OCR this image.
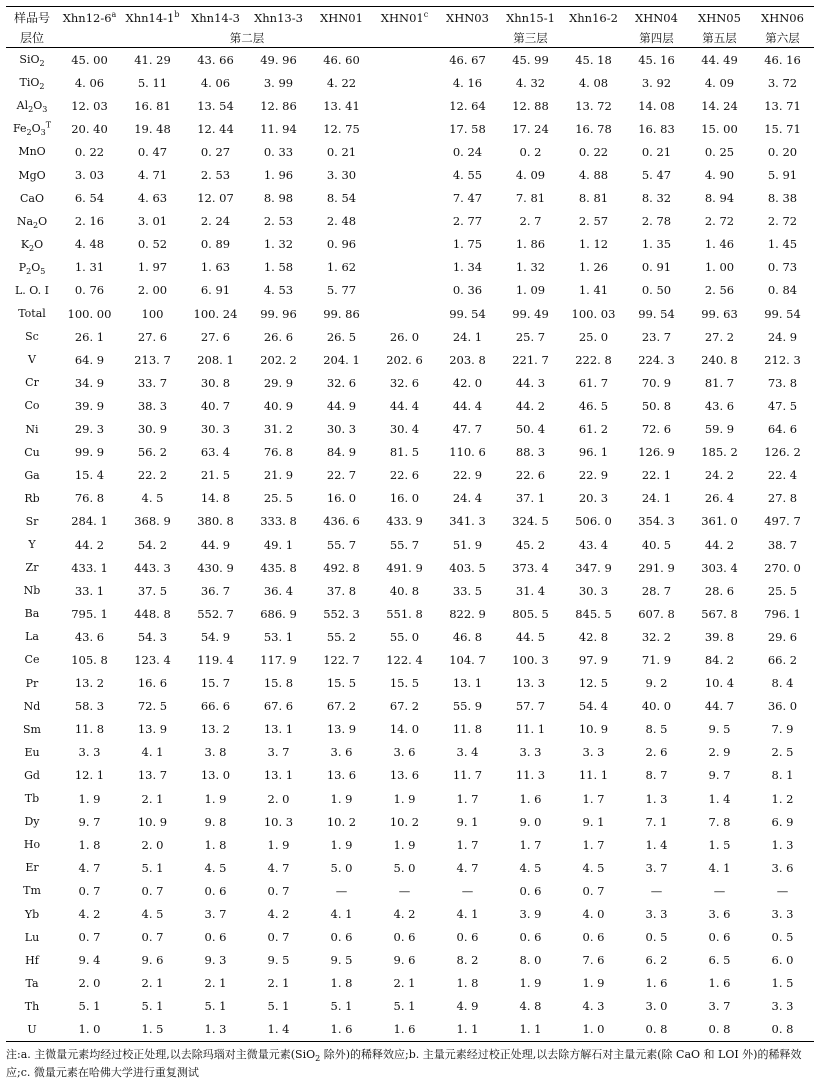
样品号	Xhn12-6$^a$	Xhn14-1$^b$	Xhn14-3	Xhn13-3	XHN01	XHN01$^c$	XHN03	Xhn15-1	Xhn16-2	XHN04	XHN05	XHN06
层位	第二层						第三层			第四层	第五层	第六层
SiO$_2$	45. 00	41. 29	43. 66	49. 96	46. 60		46. 67	45. 99	45. 18	45. 16	44. 49	46. 16
TiO$_2$	4. 06	5. 11	4. 06	3. 99	4. 22		4. 16	4. 32	4. 08	3. 92	4. 09	3. 72
$Al_2O_3$	12. 03	16. 81	13. 54	12. 86	13. 41		12. 64	12. 88	13. 72	14. 08	14. 24	13. 71
$Fe_2O_3^T$	20. 40	19. 48	12. 44	11. 94	12. 75		17. 58	17. 24	16. 78	16. 83	15. 00	15. 71
MnO	0. 22	0. 47	0. 27	0. 33	0. 21		0. 24	0. 2	0. 22	0. 21	0. 25	0. 20
MgO	3. 03	4. 71	2. 53	1. 96	3. 30		4. 55	4. 09	4. 88	5. 47	4. 90	5. 91
CaO	6. 54	4. 63	12. 07	8. 98	8. 54		7. 47	7. 81	8. 81	8. 32	8. 94	8. 38
$Na_2O$	2. 16	3. 01	2. 24	2. 53	2. 48		2. 77	2. 7	2. 57	2. 78	2. 72	2. 72
$K_2O$	4. 48	0. 52	0. 89	1. 32	0. 96		1. 75	1. 86	1. 12	1. 35	1. 46	1. 45
$P_2O_5$	1. 31	1. 97	1. 63	1. 58	1. 62		1. 34	1. 32	1. 26	0. 91	1. 00	0. 73
L. O. I	0. 76	2. 00	6. 91	4. 53	5. 77		0. 36	1. 09	1. 41	0. 50	2. 56	0. 84
Total	100. 00	100	100. 24	99. 96	99. 86		99. 54	99. 49	100. 03	99. 54	99. 63	99. 54
Sc	26. 1	27. 6	27. 6	26. 6	26. 5	26. 0	24. 1	25. 7	25. 0	23. 7	27. 2	24. 9
V	64. 9	213. 7	208. 1	202. 2	204. 1	202. 6	203. 8	221. 7	222. 8	224. 3	240. 8	212. 3
Cr	34. 9	33. 7	30. 8	29. 9	32. 6	32. 6	42. 0	44. 3	61. 7	70. 9	81. 7	73. 8
Co	39. 9	38. 3	40. 7	40. 9	44. 9	44. 4	44. 4	44. 2	46. 5	50. 8	43. 6	47. 5
Ni	29. 3	30. 9	30. 3	31. 2	30. 3	30. 4	47. 7	50. 4	61. 2	72. 6	59. 9	64. 6
Cu	99. 9	56. 2	63. 4	76. 8	84. 9	81. 5	110. 6	88. 3	96. 1	126. 9	185. 2	126. 2
Ga	15. 4	22. 2	21. 5	21. 9	22. 7	22. 6	22. 9	22. 6	22. 9	22. 1	24. 2	22. 4
Rb	76. 8	4. 5	14. 8	25. 5	16. 0	16. 0	24. 4	37. 1	20. 3	24. 1	26. 4	27. 8
Sr	284. 1	368. 9	380. 8	333. 8	436. 6	433. 9	341. 3	324. 5	506. 0	354. 3	361. 0	497. 7
Y	44. 2	54. 2	44. 9	49. 1	55. 7	55. 7	51. 9	45. 2	43. 4	40. 5	44. 2	38. 7
Zr	433. 1	443. 3	430. 9	435. 8	492. 8	491. 9	403. 5	373. 4	347. 9	291. 9	303. 4	270. 0
Nb	33. 1	37. 5	36. 7	36. 4	37. 8	40. 8	33. 5	31. 4	30. 3	28. 7	28. 6	25. 5
Ba	795. 1	448. 8	552. 7	686. 9	552. 3	551. 8	822. 9	805. 5	845. 5	607. 8	567. 8	796. 1
La	43. 6	54. 3	54. 9	53. 1	55. 2	55. 0	46. 8	44. 5	42. 8	32. 2	39. 8	29. 6
Ce	105. 8	123. 4	119. 4	117. 9	122. 7	122. 4	104. 7	100. 3	97. 9	71. 9	84. 2	66. 2
Pr	13. 2	16. 6	15. 7	15. 8	15. 5	15. 5	13. 1	13. 3	12. 5	9. 2	10. 4	8. 4
Nd	58. 3	72. 5	66. 6	67. 6	67. 2	67. 2	55. 9	57. 7	54. 4	40. 0	44. 7	36. 0
Sm	11. 8	13. 9	13. 2	13. 1	13. 9	14. 0	11. 8	11. 1	10. 9	8. 5	9. 5	7. 9
Eu	3. 3	4. 1	3. 8	3. 7	3. 6	3. 6	3. 4	3. 3	3. 3	2. 6	2. 9	2. 5
Gd	12. 1	13. 7	13. 0	13. 1	13. 6	13. 6	11. 7	11. 3	11. 1	8. 7	9. 7	8. 1
Tb	1. 9	2. 1	1. 9	2. 0	1. 9	1. 9	1. 7	1. 6	1. 7	1. 3	1. 4	1. 2
Dy	9. 7	10. 9	9. 8	10. 3	10. 2	10. 2	9. 1	9. 0	9. 1	7. 1	7. 8	6. 9
Ho	1. 8	2. 0	1. 8	1. 9	1. 9	1. 9	1. 7	1. 7	1. 7	1. 4	1. 5	1. 3
Er	4. 7	5. 1	4. 5	4. 7	5. 0	5. 0	4. 7	4. 5	4. 5	3. 7	4. 1	3. 6
Tm	0. 7	0. 7	0. 6	0. 7	—	—	—	0. 6	0. 7	—	—	—
Yb	4. 2	4. 5	3. 7	4. 2	4. 1	4. 2	4. 1	3. 9	4. 0	3. 3	3. 6	3. 3
Lu	0. 7	0. 7	0. 6	0. 7	0. 6	0. 6	0. 6	0. 6	0. 6	0. 5	0. 6	0. 5
Hf	9. 4	9. 6	9. 3	9. 5	9. 5	9. 6	8. 2	8. 0	7. 6	6. 2	6. 5	6. 0
Ta	2. 0	2. 1	2. 1	2. 1	1. 8	2. 1	1. 8	1. 9	1. 9	1. 6	1. 6	1. 5
Th	5. 1	5. 1	5. 1	5. 1	5. 1	5. 1	4. 9	4. 8	4. 3	3. 0	3. 7	3. 3
U	1. 0	1. 5	1. 3	1. 4	1. 6	1. 6	1. 1	1. 1	1. 0	0. 8	0. 8	0. 8
注:a. 主微量元素均经过校正处理,以去除玛瑙对主微量元素(SiO$_2$ 除外)的稀释效应;b. 主量元素经过校正处理,以去除方解石对主量元素(除 CaO 和 LOI 外)的稀释效应;c. 微量元素在哈佛大学进行重复测试
